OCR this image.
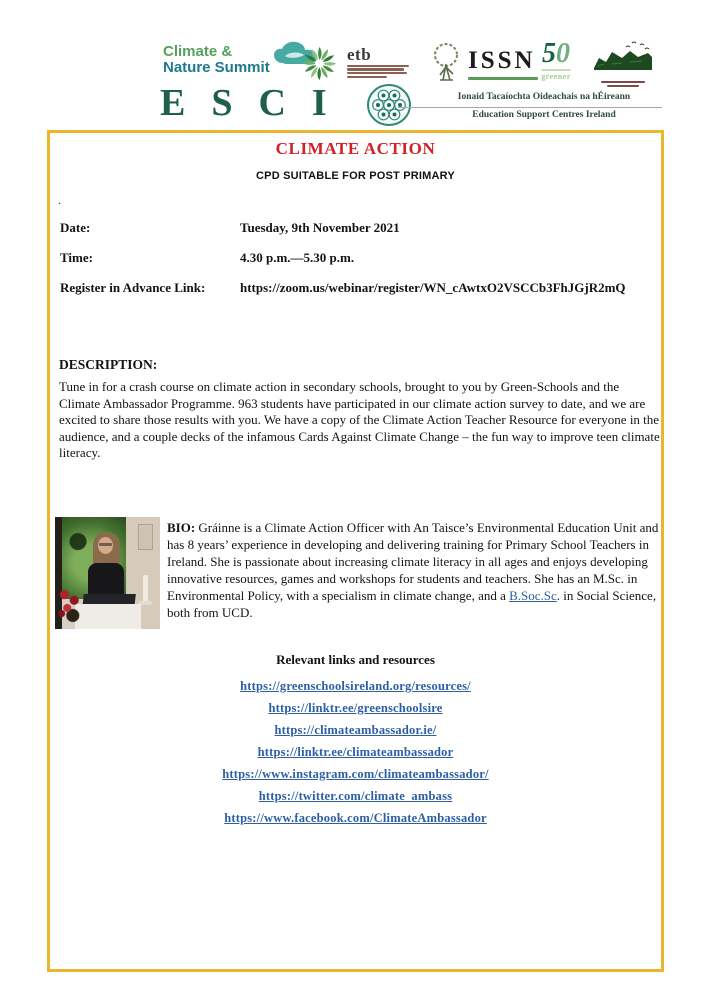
Climate &
Nature Summit
etb	ISSN 50
greener
ESCI	Ionaid Tacaíochta Oideachais na hÉireann
Education Support Centres Ireland
CLIMATE ACTION
CPD SUITABLE FOR POST PRIMARY
.
Date:	Tuesday, 9th November 2021
Time:	4.30 p.m.—5.30 p.m.
Register in Advance Link:	https://zoom.us/webinar/register/WN_cAwtxO2VSCCb3FhJGjR2mQ
DESCRIPTION:
Tune in for a crash course on climate action in secondary schools, brought to you by Green-Schools and the Climate Ambassador Programme. 963 students have participated in our climate action survey to date, and we are excited to share those results with you. We have a copy of the Climate Action Teacher Resource for everyone in the audience, and a couple decks of the infamous Cards Against Climate Change – the fun way to improve teen climate literacy.
BIO: Gráinne is a Climate Action Officer with An Taisce’s Environmental Education Unit and has 8 years’ experience in developing and delivering training for Primary School Teachers in Ireland. She is passionate about increasing climate literacy in all ages and enjoys developing innovative resources, games and workshops for students and teachers. She has an M.Sc. in Environmental Policy, with a specialism in climate change, and a B.Soc.Sc. in Social Science, both from UCD.
Relevant links and resources
https://greenschoolsireland.org/resources/
https://linktr.ee/greenschoolsire
https://climateambassador.ie/
https://linktr.ee/climateambassador
https://www.instagram.com/climateambassador/
https://twitter.com/climate_ambass
https://www.facebook.com/ClimateAmbassador
